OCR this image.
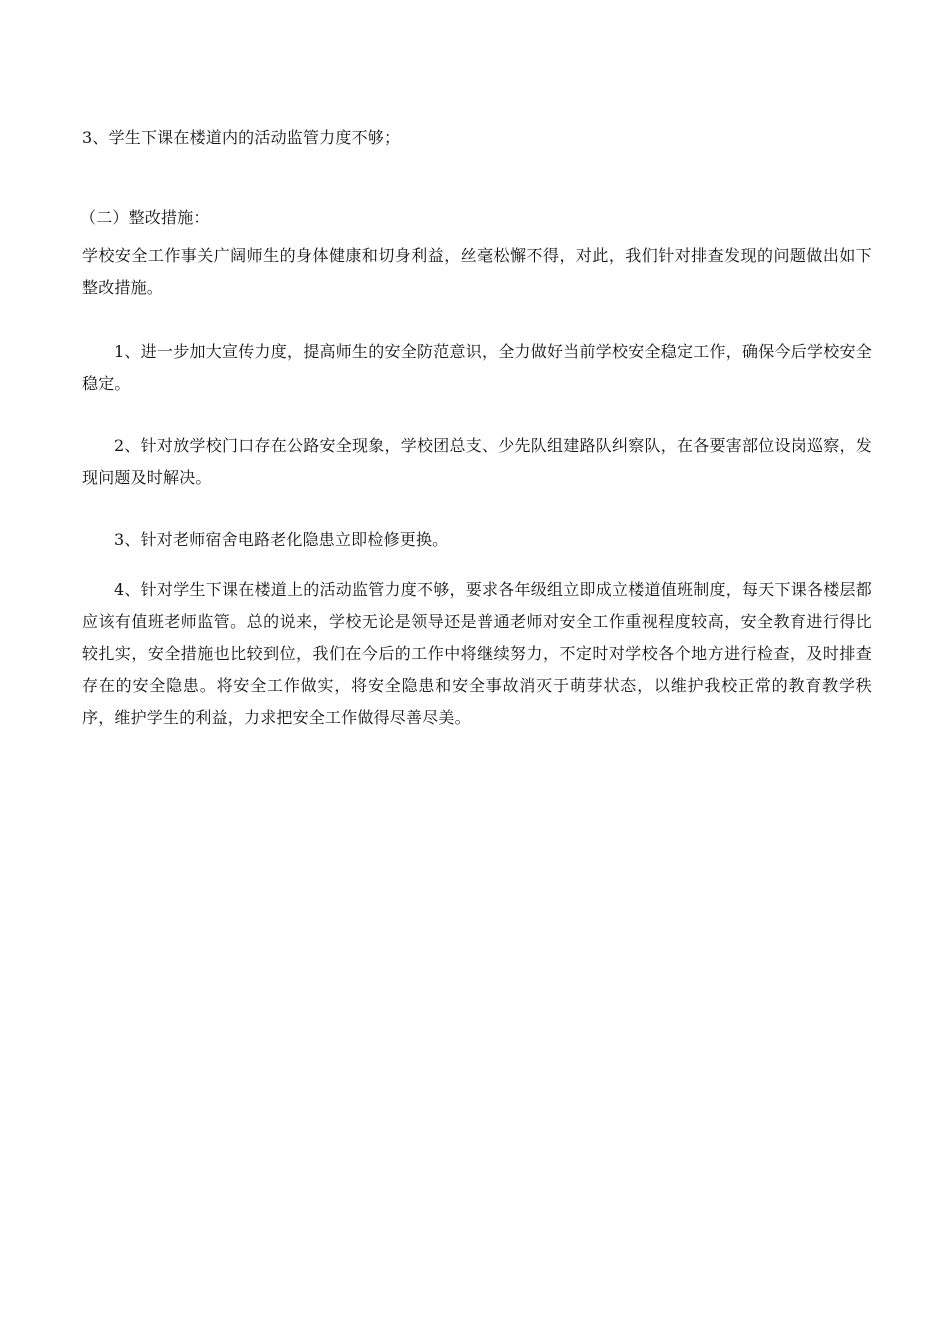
3、学生下课在楼道内的活动监管力度不够；

（二）整改措施：

学校安全工作事关广阔师生的身体健康和切身利益，丝毫松懈不得，对此，我们针对排查发现的问题做出如下整改措施。

1、进一步加大宣传力度，提高师生的安全防范意识，全力做好当前学校安全稳定工作，确保今后学校安全稳定。

2、针对放学校门口存在公路安全现象，学校团总支、少先队组建路队纠察队，在各要害部位设岗巡察，发现问题及时解决。

3、针对老师宿舍电路老化隐患立即检修更换。

4、针对学生下课在楼道上的活动监管力度不够，要求各年级组立即成立楼道值班制度，每天下课各楼层都应该有值班老师监管。总的说来，学校无论是领导还是普通老师对安全工作重视程度较高，安全教育进行得比较扎实，安全措施也比较到位，我们在今后的工作中将继续努力，不定时对学校各个地方进行检查，及时排查存在的安全隐患。将安全工作做实，将安全隐患和安全事故消灭于萌芽状态，以维护我校正常的教育教学秩序，维护学生的利益，力求把安全工作做得尽善尽美。
